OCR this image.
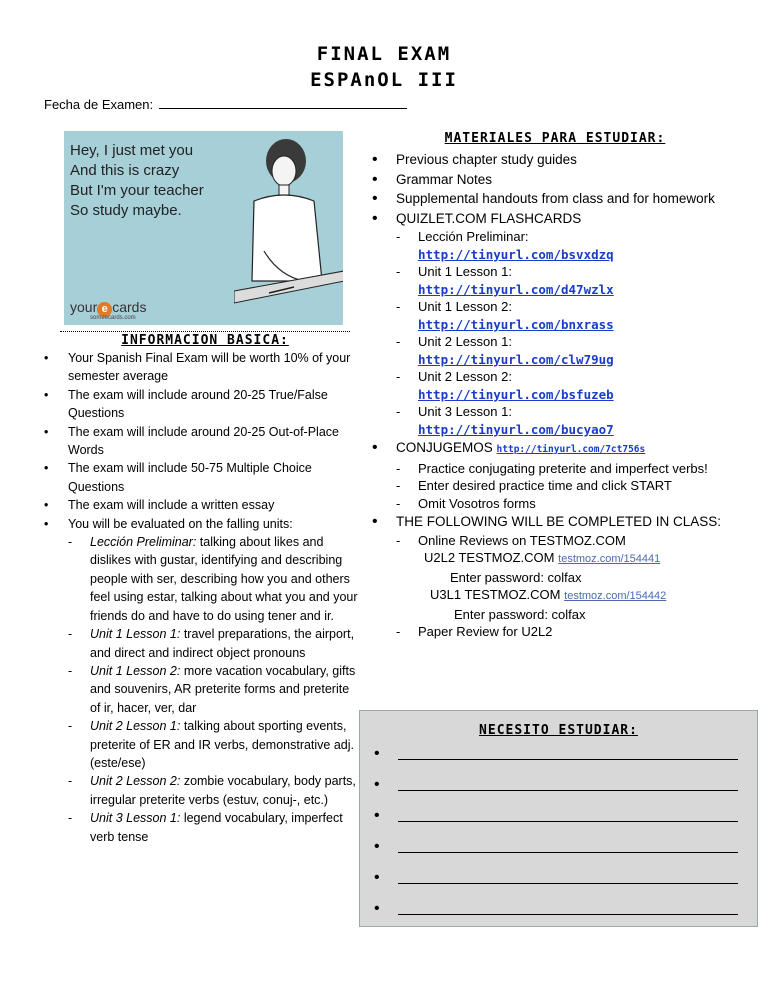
FINAL EXAM
ESPAnOL III
Fecha de Examen:
Hey, I just met you
And this is crazy
But I'm your teacher
So study maybe.
your e cards
someecards.com
INFORMACION BASICA:
• Your Spanish Final Exam will be worth 10% of your semester average
• The exam will include around 20-25 True/False Questions
• The exam will include around 20-25 Out-of-Place Words
• The exam will include 50-75 Multiple Choice Questions
• The exam will include a written essay
• You will be evaluated on the falling units:
- Lección Preliminar: talking about likes and dislikes with gustar, identifying and describing people with ser, describing how you and others feel using estar, talking about what you and your friends do and have to do using tener and ir.
- Unit 1 Lesson 1: travel preparations, the airport, and direct and indirect object pronouns
- Unit 1 Lesson 2: more vacation vocabulary, gifts and souvenirs, AR preterite forms and preterite of ir, hacer, ver, dar
- Unit 2 Lesson 1: talking about sporting events, preterite of ER and IR verbs, demonstrative adj. (este/ese)
- Unit 2 Lesson 2: zombie vocabulary, body parts, irregular preterite verbs (estuv, conuj-, etc.)
- Unit 3 Lesson 1: legend vocabulary, imperfect verb tense
MATERIALES PARA ESTUDIAR:
• Previous chapter study guides
• Grammar Notes
• Supplemental handouts from class and for homework
• QUIZLET.COM FLASHCARDS
- Lección Preliminar:
http://tinyurl.com/bsvxdzq
- Unit 1 Lesson 1:
http://tinyurl.com/d47wzlx
- Unit 1 Lesson 2:
http://tinyurl.com/bnxrass
- Unit 2 Lesson 1:
http://tinyurl.com/clw79ug
- Unit 2 Lesson 2:
http://tinyurl.com/bsfuzeb
- Unit 3 Lesson 1:
http://tinyurl.com/bucyao7
• CONJUGEMOS http://tinyurl.com/7ct756s
- Practice conjugating preterite and imperfect verbs!
- Enter desired practice time and click START
- Omit Vosotros forms
• THE FOLLOWING WILL BE COMPLETED IN CLASS:
- Online Reviews on TESTMOZ.COM
U2L2 TESTMOZ.COM testmoz.com/154441
Enter password: colfax
U3L1 TESTMOZ.COM testmoz.com/154442
Enter password: colfax
- Paper Review for U2L2
NECESITO ESTUDIAR:
•
•
•
•
•
•
